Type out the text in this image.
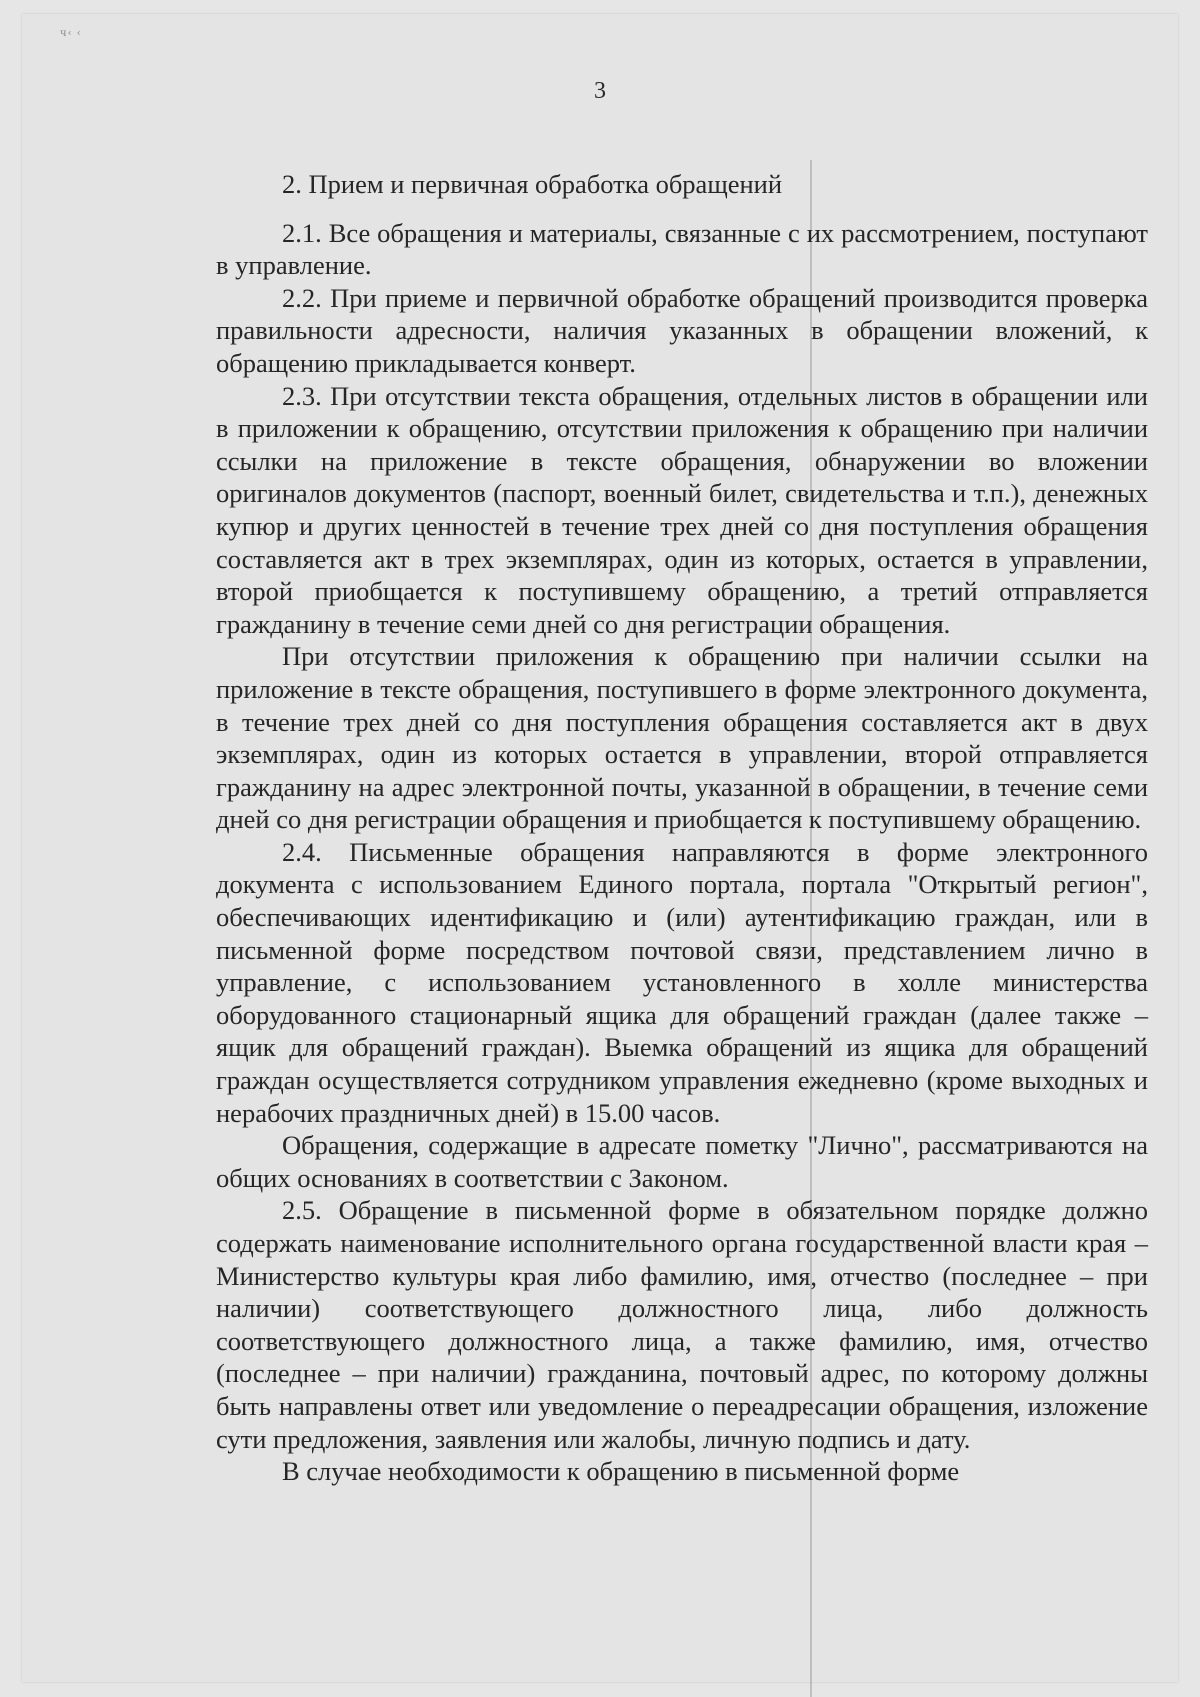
ч‹ ‹
3
2. Прием и первичная обработка обращений

2.1. Все обращения и материалы, связанные с их рассмотрением, поступают в управление.

2.2. При приеме и первичной обработке обращений производится проверка правильности адресности, наличия указанных в обращении вложений, к обращению прикладывается конверт.

2.3. При отсутствии текста обращения, отдельных листов в обращении или в приложении к обращению, отсутствии приложения к обращению при наличии ссылки на приложение в тексте обращения, обнаружении во вложении оригиналов документов (паспорт, военный билет, свидетельства и т.п.), денежных купюр и других ценностей в течение трех дней со дня поступления обращения составляется акт в трех экземплярах, один из которых, остается в управлении, второй приобщается к поступившему обращению, а третий отправляется гражданину в течение семи дней со дня регистрации обращения.

При отсутствии приложения к обращению при наличии ссылки на приложение в тексте обращения, поступившего в форме электронного документа, в течение трех дней со дня поступления обращения составляется акт в двух экземплярах, один из которых остается в управлении, второй отправляется гражданину на адрес электронной почты, указанной в обращении, в течение семи дней со дня регистрации обращения и приобщается к поступившему обращению.

2.4. Письменные обращения направляются в форме электронного документа с использованием Единого портала, портала "Открытый регион", обеспечивающих идентификацию и (или) аутентификацию граждан, или в письменной форме посредством почтовой связи, представлением лично в управление, с использованием установленного в холле министерства оборудованного стационарный ящика для обращений граждан (далее также – ящик для обращений граждан). Выемка обращений из ящика для обращений граждан осуществляется сотрудником управления ежедневно (кроме выходных и нерабочих праздничных дней) в 15.00 часов.

Обращения, содержащие в адресате пометку "Лично", рассматриваются на общих основаниях в соответствии с Законом.

2.5. Обращение в письменной форме в обязательном порядке должно содержать наименование исполнительного органа государственной власти края – Министерство культуры края либо фамилию, имя, отчество (последнее – при наличии) соответствующего должностного лица, либо должность соответствующего должностного лица, а также фамилию, имя, отчество (последнее – при наличии) гражданина, почтовый адрес, по которому должны быть направлены ответ или уведомление о переадресации обращения, изложение сути предложения, заявления или жалобы, личную подпись и дату.

В случае необходимости к обращению в письменной форме
